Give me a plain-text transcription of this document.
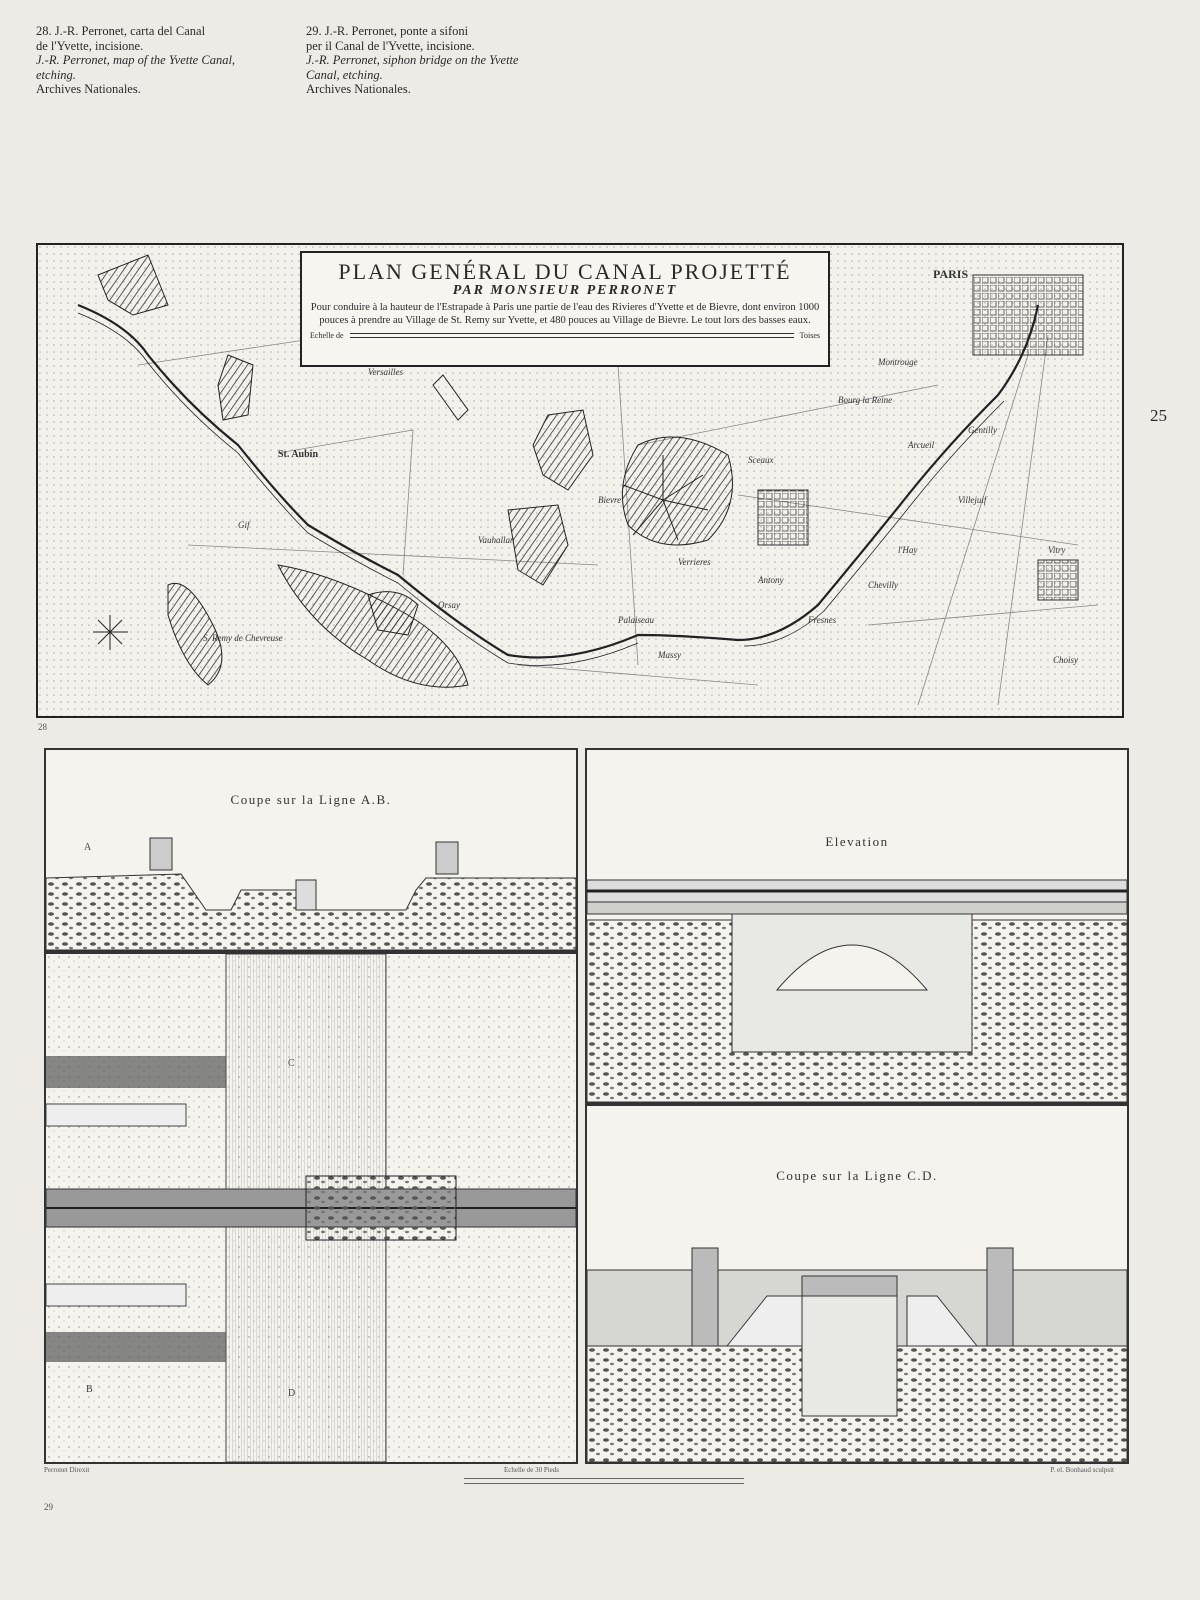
28. J.-R. Perronet, carta del Canal
de l'Yvette, incisione.
J.-R. Perronet, map of the Yvette Canal,
etching.
Archives Nationales.
29. J.-R. Perronet, ponte a sifoni
per il Canal de l'Yvette, incisione.
J.-R. Perronet, siphon bridge on the Yvette
Canal, etching.
Archives Nationales.
25
PLAN GENÉRAL DU CANAL PROJETTÉ
PAR MONSIEUR PERRONET
Pour conduire à la hauteur de l'Estrapade à Paris une partie de l'eau des Rivieres d'Yvette et de Bievre, dont environ 1000 pouces à prendre au Village de St. Remy sur Yvette, et 480 pouces au Village de Bievre. Le tout lors des basses eaux.
Echelle de	Toises
PARIS
St. Aubin
Versailles
Sceaux
Bourg la Reine
Villejuif
Vitry
Choisy
Chevilly
Bievre
Massy
Antony
Verrieres
Palaiseau
Orsay
Gif
S. Remy de Chevreuse
Vauhallan
Fresnes
l'Hay
Montrouge
Gentilly
Arcueil
28
Coupe sur la Ligne A.B.
A
C
D
B
Elevation
Coupe sur la Ligne C.D.
Perronet Direxit	Echelle de 30 Pieds	P. el. Bonhaud sculpsit
29
